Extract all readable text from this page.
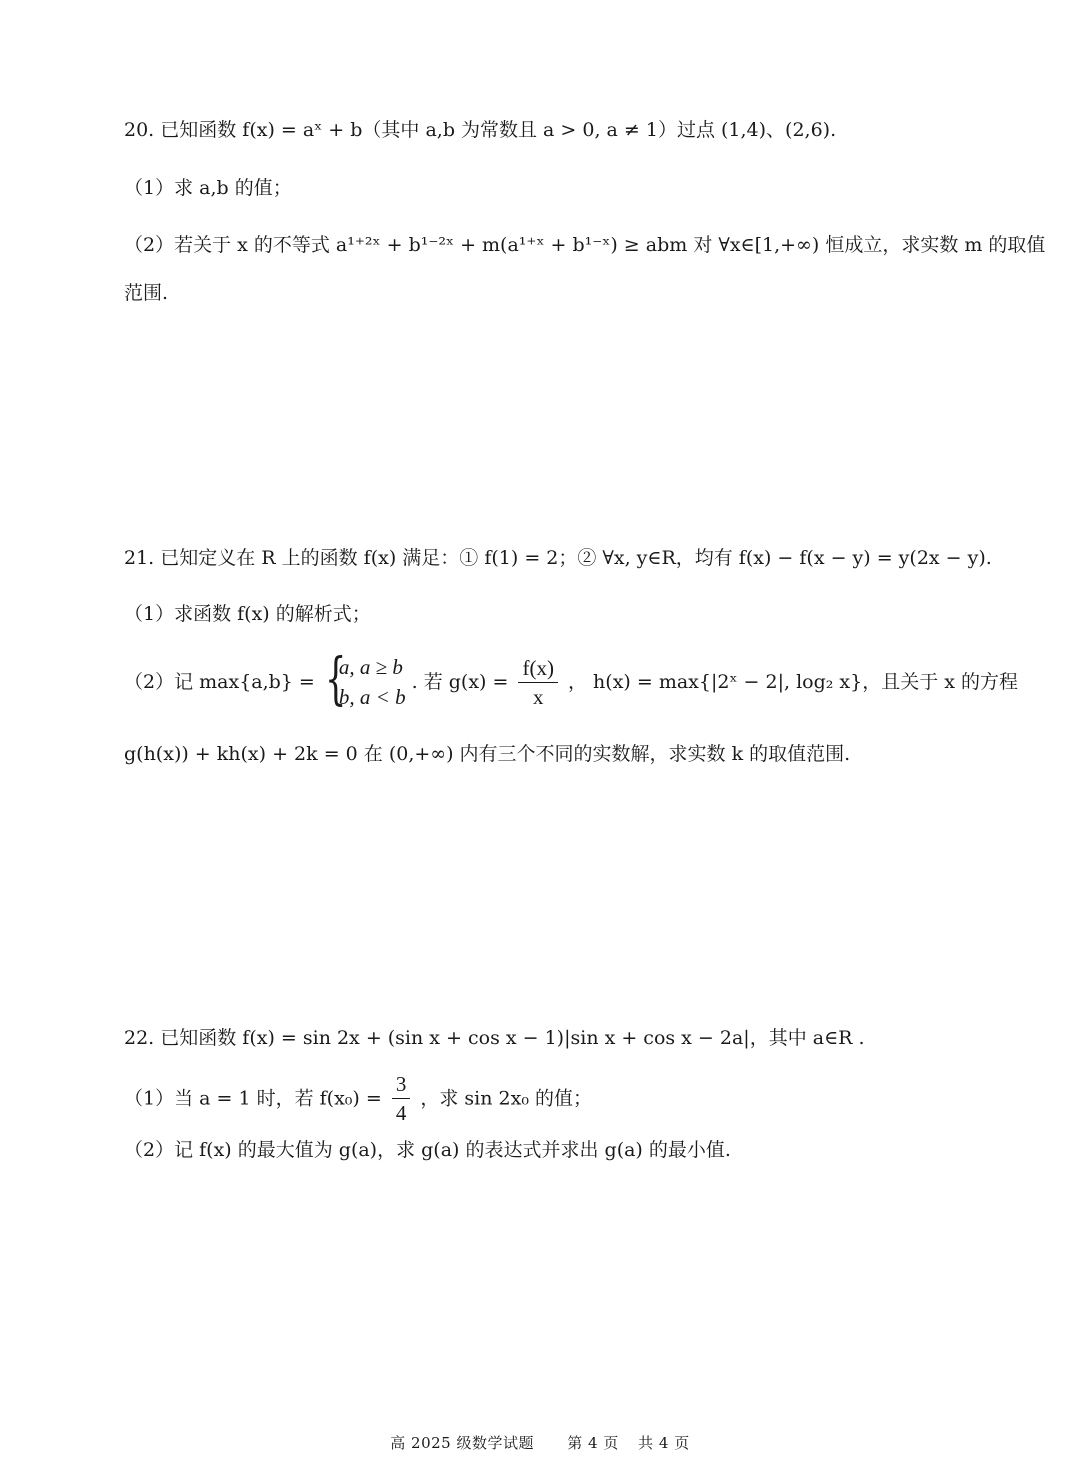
20. 已知函数 f(x) = aˣ + b（其中 a,b 为常数且 a > 0, a ≠ 1）过点 (1,4)、(2,6).
（1）求 a,b 的值；
（2）若关于 x 的不等式 a¹⁺²ˣ + b¹⁻²ˣ + m(a¹⁺ˣ + b¹⁻ˣ) ≥ abm 对 ∀x∈[1,+∞) 恒成立，求实数 m 的取值
范围.
21. 已知定义在 R 上的函数 f(x) 满足：① f(1) = 2；② ∀x, y∈R，均有 f(x) − f(x − y) = y(2x − y).
（1）求函数 f(x) 的解析式；
（2）记 max{a,b} = {
a, a ≥ b
b, a < b
. 若 $g(x) = \frac{f(x)}{x}$ ， h(x) = max{|2ˣ − 2|, log₂ x}，且关于 x 的方程
g(h(x)) + kh(x) + 2k = 0 在 (0,+∞) 内有三个不同的实数解，求实数 k 的取值范围.
22. 已知函数 f(x) = sin 2x + (sin x + cos x − 1)|sin x + cos x − 2a|，其中 a∈R .
（1）当 a = 1 时，若 $f(x_0) = \frac{3}{4}$ ，求 sin 2x₀ 的值；
（2）记 f(x) 的最大值为 g(a)，求 g(a) 的表达式并求出 g(a) 的最小值.
高 2025 级数学试题 第 4 页 共 4 页
